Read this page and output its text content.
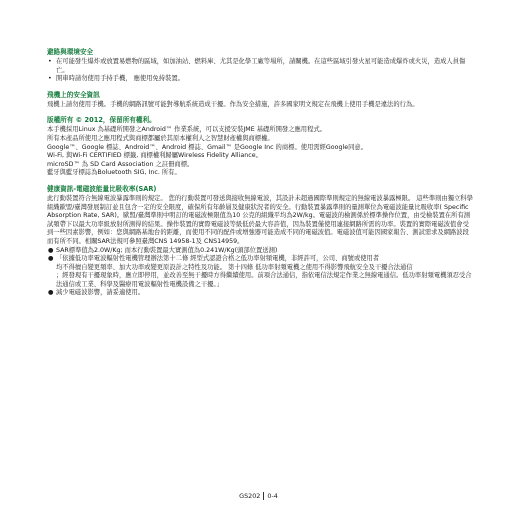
避路與環境安全
• 在可能發生爆炸或放置易燃物的區域，如加油站、燃料庫、尤其是化學工廠等場所，請關機。在這些區域引發火星可能造成爆炸或火災，造成人員傷亡。
• 開車時請勿使用手持手機， 應使用免持裝置。
飛機上的安全資訊

飛機上請勿使用手機。手機的網路訊號可能對導航系統造成干擾。作為安全措施，許多國家明文規定在飛機上使用手機是違法的行為。

版權所有 © 2012，保留所有權利。

本手機採用Linux 為基礎所開發之Android™ 作業系統，可以支援安裝JME 基礎所開發之應用程式。

所有本產品所使用之應用程式與商標都屬於其原本權利人之智慧財產權與商標權。

Google™、Google 標誌、Android™、Android 標誌、Gmail™ 是Google Inc 的商標。使用需經Google同意。

Wi-Fi, 與Wi-Fi CERTIFIED 標籤, 商標權利歸屬Wireless Fidelity Alliance。

microSD™ 為 SD Card Association 之註冊商標。

藍牙與藍牙標誌為Boluetooth SIG, Inc. 所有。

健康資訊-電磁波能量比吸收率(SAR)

此行動裝置符合無線電波暴露準則的規定。 您的行動裝置可發送與接收無線電波，其設計未超過國際準則規定的無線電波暴露極限。 這些準則由獨立科學組織歐盟/臺灣發展制訂並且包含一定的安全限度，確保所有年齡層及健康狀況者的安全。行動裝置暴露準則的量測單位為電磁波能量比吸收率( Specific Absorption Rate, SAR)。歐盟/臺灣準則中明訂的電磁波極限值為10 公克的組織平均為2W/kg。電磁波的檢測係於標準操作位置，由受檢裝置在所有測試頻帶下以最大功率級放射所測得的結果。操作裝置的實際電磁波等級低於最大容許值，因為裝置僅使用連接網路所需的功率。裝置的實際電磁波值會受到一些因素影響，例如：您與網路基地台的距離，而使用不同的配件或增強器可能造成不同的電磁波值。電磁波值可能因國家報告、測試需求及網路波段而有所不同。相關SAR法規可參照臺灣CNS 14958-1及 CNS14959。

● SAR標準值為2.0W/Kg; 而本行動裝置最大實測值為0.241W/Kg(頭部位置送測)
● 「依據低功率電波輻射性電機管理辦法第十二條 經型式認證合格之低功率射頻電機，非經許可，公司、商號或使用者

均不得擅自變更頻率、加大功率或變更原設計之特性及功能。 第十四條 低功率射頻電機之使用不得影響飛航安全及干擾合法通信

；經發現有干擾現象時，應立即停用，並改善至無干擾時方得繼續使用。前項合法通信，指依電信法規定作業之無線電通信。低功率射頻電機須忍受合法通信或工業、科學及醫療用電波輻射性電機設備之干擾。」

● 減少電磁波影響，請妥適使用。
GS202 0-4
